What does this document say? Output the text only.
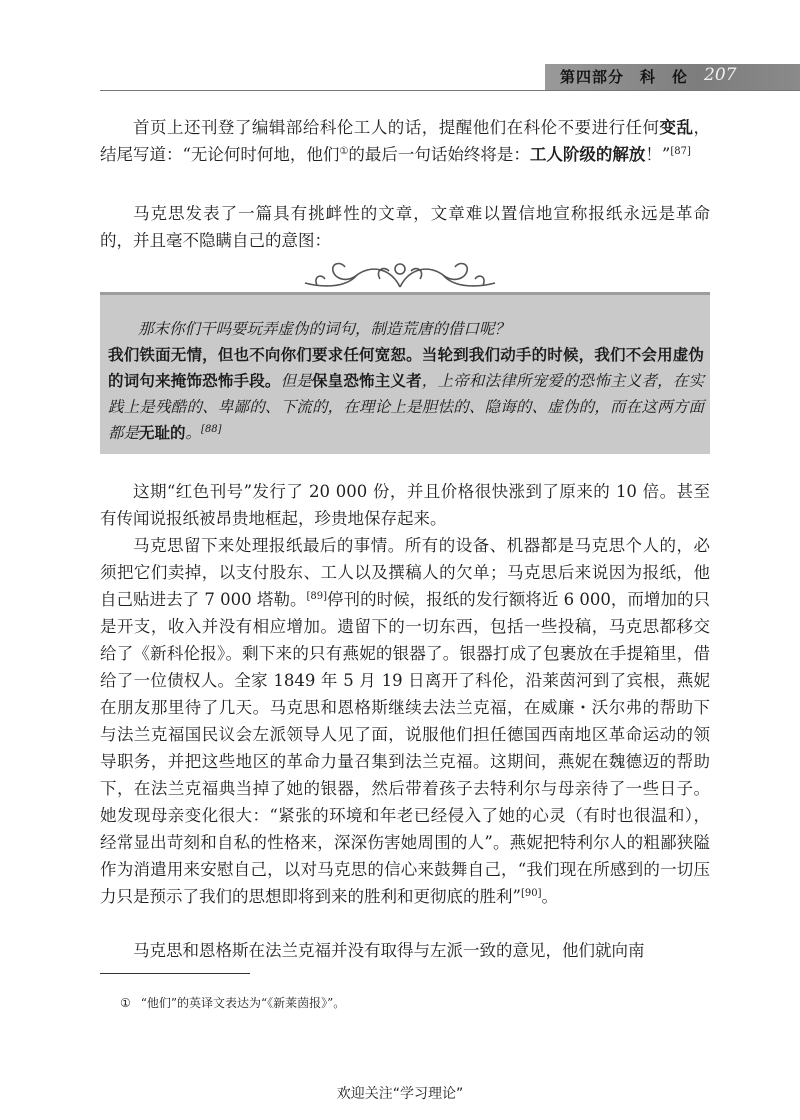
第四部分　科　伦 207

首页上还刊登了编辑部给科伦工人的话，提醒他们在科伦不要进行任何变乱，结尾写道：“无论何时何地，他们①的最后一句话始终将是：工人阶级的解放！”[87]

马克思发表了一篇具有挑衅性的文章，文章难以置信地宣称报纸永远是革命的，并且毫不隐瞒自己的意图：

那末你们干吗要玩弄虚伪的词句，制造荒唐的借口呢？
我们铁面无情，但也不向你们要求任何宽恕。当轮到我们动手的时候，我们不会用虚伪的词句来掩饰恐怖手段。但是保皇恐怖主义者，上帝和法律所宠爱的恐怖主义者，在实践上是残酷的、卑鄙的、下流的，在理论上是胆怯的、隐诲的、虚伪的，而在这两方面都是无耻的。[88]

这期“红色刊号”发行了 20 000 份，并且价格很快涨到了原来的 10 倍。甚至有传闻说报纸被昂贵地框起，珍贵地保存起来。

马克思留下来处理报纸最后的事情。所有的设备、机器都是马克思个人的，必须把它们卖掉，以支付股东、工人以及撰稿人的欠单；马克思后来说因为报纸，他自己贴进去了 7 000 塔勒。[89]停刊的时候，报纸的发行额将近 6 000，而增加的只是开支，收入并没有相应增加。遗留下的一切东西，包括一些投稿，马克思都移交给了《新科伦报》。剩下来的只有燕妮的银器了。银器打成了包裹放在手提箱里，借给了一位债权人。全家 1849 年 5 月 19 日离开了科伦，沿莱茵河到了宾根，燕妮在朋友那里待了几天。马克思和恩格斯继续去法兰克福，在威廉・沃尔弗的帮助下与法兰克福国民议会左派领导人见了面，说服他们担任德国西南地区革命运动的领导职务，并把这些地区的革命力量召集到法兰克福。这期间，燕妮在魏德迈的帮助下，在法兰克福典当掉了她的银器，然后带着孩子去特利尔与母亲待了一些日子。她发现母亲变化很大：“紧张的环境和年老已经侵入了她的心灵（有时也很温和），经常显出苛刻和自私的性格来，深深伤害她周围的人”。燕妮把特利尔人的粗鄙狭隘作为消遣用来安慰自己，以对马克思的信心来鼓舞自己，“我们现在所感到的一切压力只是预示了我们的思想即将到来的胜利和更彻底的胜利”[90]。

马克思和恩格斯在法兰克福并没有取得与左派一致的意见，他们就向南

① “他们”的英译文表达为“《新莱茵报》”。
欢迎关注“学习理论”
